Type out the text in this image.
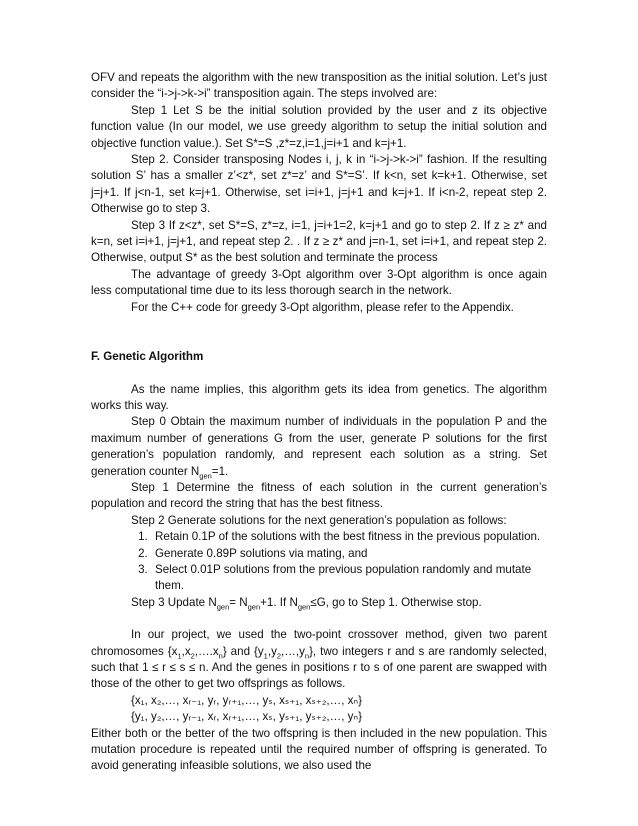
OFV and repeats the algorithm with the new transposition as the initial solution. Let’s just consider the “i->j->k->i” transposition again. The steps involved are:

Step 1 Let S be the initial solution provided by the user and z its objective function value (In our model, we use greedy algorithm to setup the initial solution and objective function value.). Set S*=S ,z*=z,i=1,j=i+1 and k=j+1.

Step 2. Consider transposing Nodes i, j, k in “i->j->k->i” fashion. If the resulting solution S’ has a smaller z’<z*, set z*=z’ and S*=S’. If k<n, set k=k+1. Otherwise, set j=j+1. If j<n-1, set k=j+1. Otherwise, set i=i+1, j=j+1 and k=j+1. If i<n-2, repeat step 2. Otherwise go to step 3.

Step 3 If z<z*, set S*=S, z*=z, i=1, j=i+1=2, k=j+1 and go to step 2. If z ≥ z* and k=n, set i=i+1, j=j+1, and repeat step 2. . If z ≥ z* and j=n-1, set i=i+1, and repeat step 2. Otherwise, output S* as the best solution and terminate the process

The advantage of greedy 3-Opt algorithm over 3-Opt algorithm is once again less computational time due to its less thorough search in the network.

For the C++ code for greedy 3-Opt algorithm, please refer to the Appendix.

F. Genetic Algorithm

As the name implies, this algorithm gets its idea from genetics. The algorithm works this way.

Step 0 Obtain the maximum number of individuals in the population P and the maximum number of generations G from the user, generate P solutions for the first generation’s population randomly, and represent each solution as a string. Set generation counter $N_{gen}=1$.

Step 1 Determine the fitness of each solution in the current generation’s population and record the string that has the best fitness.

Step 2 Generate solutions for the next generation’s population as follows:

1. Retain 0.1P of the solutions with the best fitness in the previous population.
2. Generate 0.89P solutions via mating, and
3. Select 0.01P solutions from the previous population randomly and mutate them.

Step 3 Update $N_{gen}= N_{gen}+1$. If $N_{gen}\le G$, go to Step 1. Otherwise stop.

In our project, we used the two-point crossover method, given two parent chromosomes $\{x_1,x_2,\dots.x_n\}$ and $\{y_1,y_2,\dots,y_n\}$, two integers r and s are randomly selected, such that 1 ≤ r ≤ s ≤ n. And the genes in positions r to s of one parent are swapped with those of the other to get two offsprings as follows.

{x₁, x₂,…, xᵣ₋₁, yᵣ, yᵣ₊₁,…, yₛ, xₛ₊₁, xₛ₊₂,…, xₙ}

{y₁, y₂,…, yᵣ₋₁, xᵣ, xᵣ₊₁,…, xₛ, yₛ₊₁, yₛ₊₂,…, yₙ}

Either both or the better of the two offspring is then included in the new population. This mutation procedure is repeated until the required number of offspring is generated. To avoid generating infeasible solutions, we also used the
